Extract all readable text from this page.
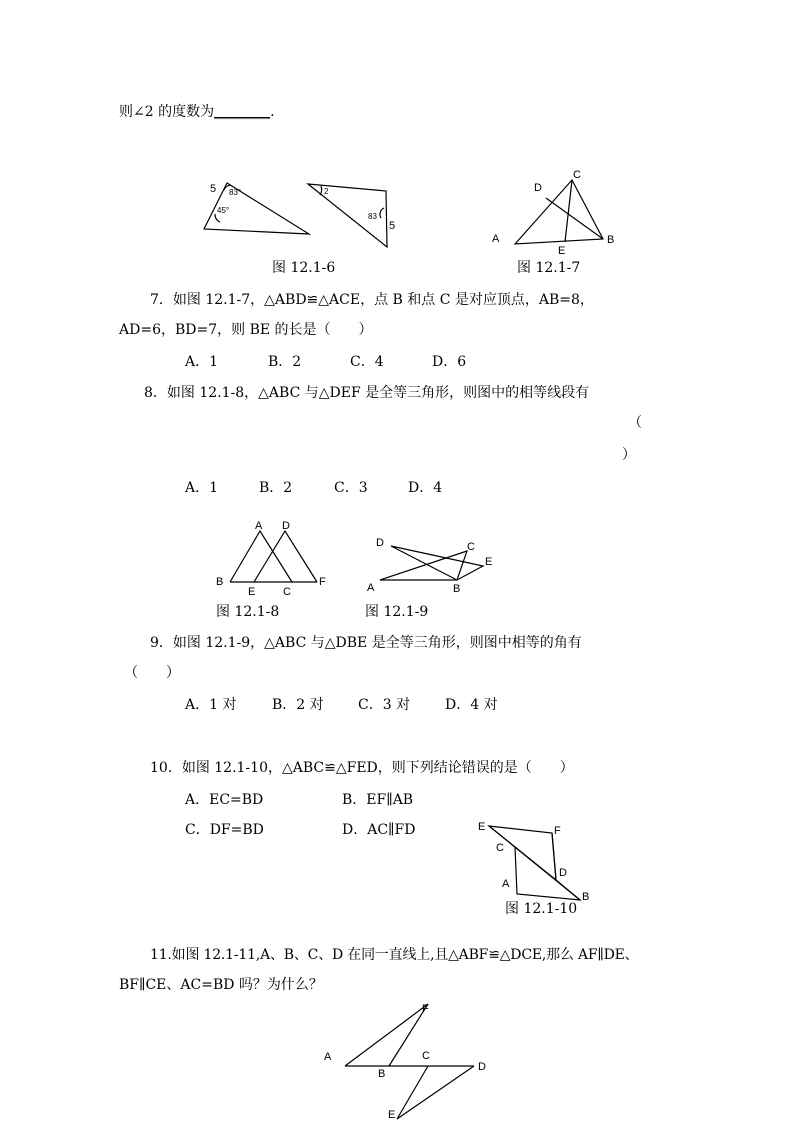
则∠2 的度数为________.
5 83°
45°
2
83
5
A	B
C
D
E
A D
B
E	C
F
D	C
E
A	B
E	F
C
D
A
B
F
A	C
B
D
E
图 12.1-6	图 12.1-7
7．如图 12.1-7，△ABD≌△ACE，点 B 和点 C 是对应顶点，AB=8，
AD=6，BD=7，则 BE 的长是（　　）
A．1	B．2	C．4	D．6
8．如图 12.1-8，△ABC 与△DEF 是全等三角形，则图中的相等线段有
（
）
A．1	B．2	C．3	D．4
图 12.1-8	图 12.1-9
9．如图 12.1-9，△ABC 与△DBE 是全等三角形，则图中相等的角有
（　　）
A．1 对	B．2 对 C．3 对 D．4 对
10．如图 12.1-10，△ABC≌△FED，则下列结论错误的是（　　）
A．EC=BD	B．EF∥AB
C．DF=BD	D．AC∥FD
图 12.1-10
11.如图 12.1-11,A、B、C、D 在同一直线上,且△ABF≌△DCE,那么 AF∥DE、
BF∥CE、AC=BD 吗？为什么？
